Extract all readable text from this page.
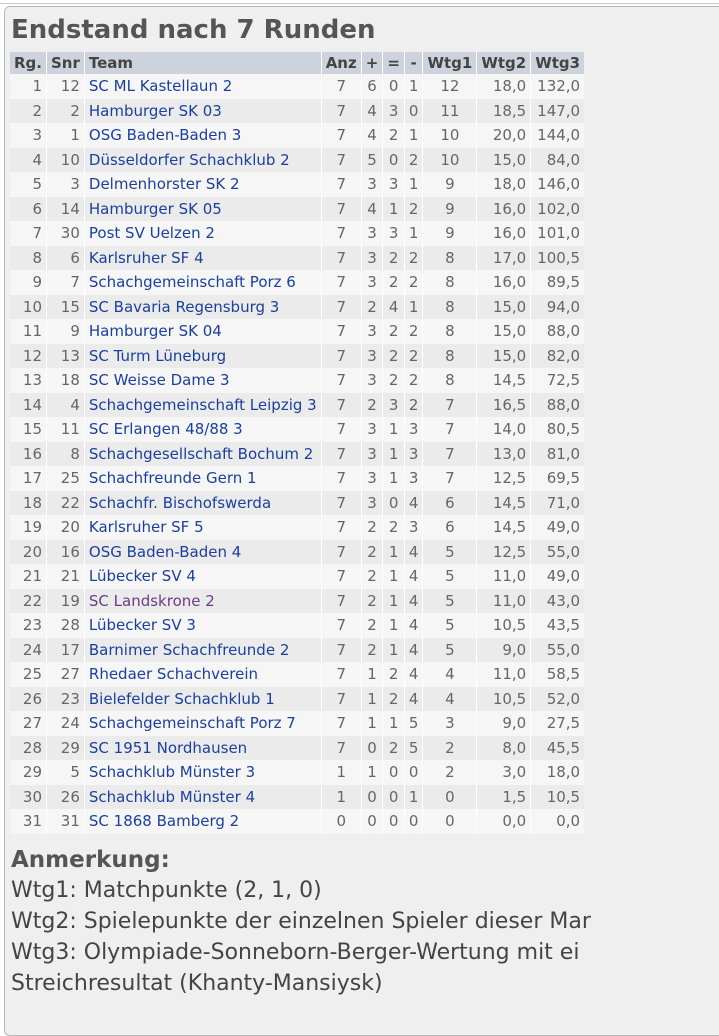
Endstand nach 7 Runden
Rg.	Snr	Team	Anz	+	=	-	Wtg1	Wtg2	Wtg3
1	12	SC ML Kastellaun 2	7	6	0	1	12	18,0	132,0
2	2	Hamburger SK 03	7	4	3	0	11	18,5	147,0
3	1	OSG Baden-Baden 3	7	4	2	1	10	20,0	144,0
4	10	Düsseldorfer Schachklub 2	7	5	0	2	10	15,0	84,0
5	3	Delmenhorster SK 2	7	3	3	1	9	18,0	146,0
6	14	Hamburger SK 05	7	4	1	2	9	16,0	102,0
7	30	Post SV Uelzen 2	7	3	3	1	9	16,0	101,0
8	6	Karlsruher SF 4	7	3	2	2	8	17,0	100,5
9	7	Schachgemeinschaft Porz 6	7	3	2	2	8	16,0	89,5
10	15	SC Bavaria Regensburg 3	7	2	4	1	8	15,0	94,0
11	9	Hamburger SK 04	7	3	2	2	8	15,0	88,0
12	13	SC Turm Lüneburg	7	3	2	2	8	15,0	82,0
13	18	SC Weisse Dame 3	7	3	2	2	8	14,5	72,5
14	4	Schachgemeinschaft Leipzig 3	7	2	3	2	7	16,5	88,0
15	11	SC Erlangen 48/88 3	7	3	1	3	7	14,0	80,5
16	8	Schachgesellschaft Bochum 2	7	3	1	3	7	13,0	81,0
17	25	Schachfreunde Gern 1	7	3	1	3	7	12,5	69,5
18	22	Schachfr. Bischofswerda	7	3	0	4	6	14,5	71,0
19	20	Karlsruher SF 5	7	2	2	3	6	14,5	49,0
20	16	OSG Baden-Baden 4	7	2	1	4	5	12,5	55,0
21	21	Lübecker SV 4	7	2	1	4	5	11,0	49,0
22	19	SC Landskrone 2	7	2	1	4	5	11,0	43,0
23	28	Lübecker SV 3	7	2	1	4	5	10,5	43,5
24	17	Barnimer Schachfreunde 2	7	2	1	4	5	9,0	55,0
25	27	Rhedaer Schachverein	7	1	2	4	4	11,0	58,5
26	23	Bielefelder Schachklub 1	7	1	2	4	4	10,5	52,0
27	24	Schachgemeinschaft Porz 7	7	1	1	5	3	9,0	27,5
28	29	SC 1951 Nordhausen	7	0	2	5	2	8,0	45,5
29	5	Schachklub Münster 3	1	1	0	0	2	3,0	18,0
30	26	Schachklub Münster 4	1	0	0	1	0	1,5	10,5
31	31	SC 1868 Bamberg 2	0	0	0	0	0	0,0	0,0
Anmerkung:
Wtg1: Matchpunkte (2, 1, 0)
Wtg2: Spielepunkte der einzelnen Spieler dieser Mar
Wtg3: Olympiade-Sonneborn-Berger-Wertung mit ei
Streichresultat (Khanty-Mansiysk)
